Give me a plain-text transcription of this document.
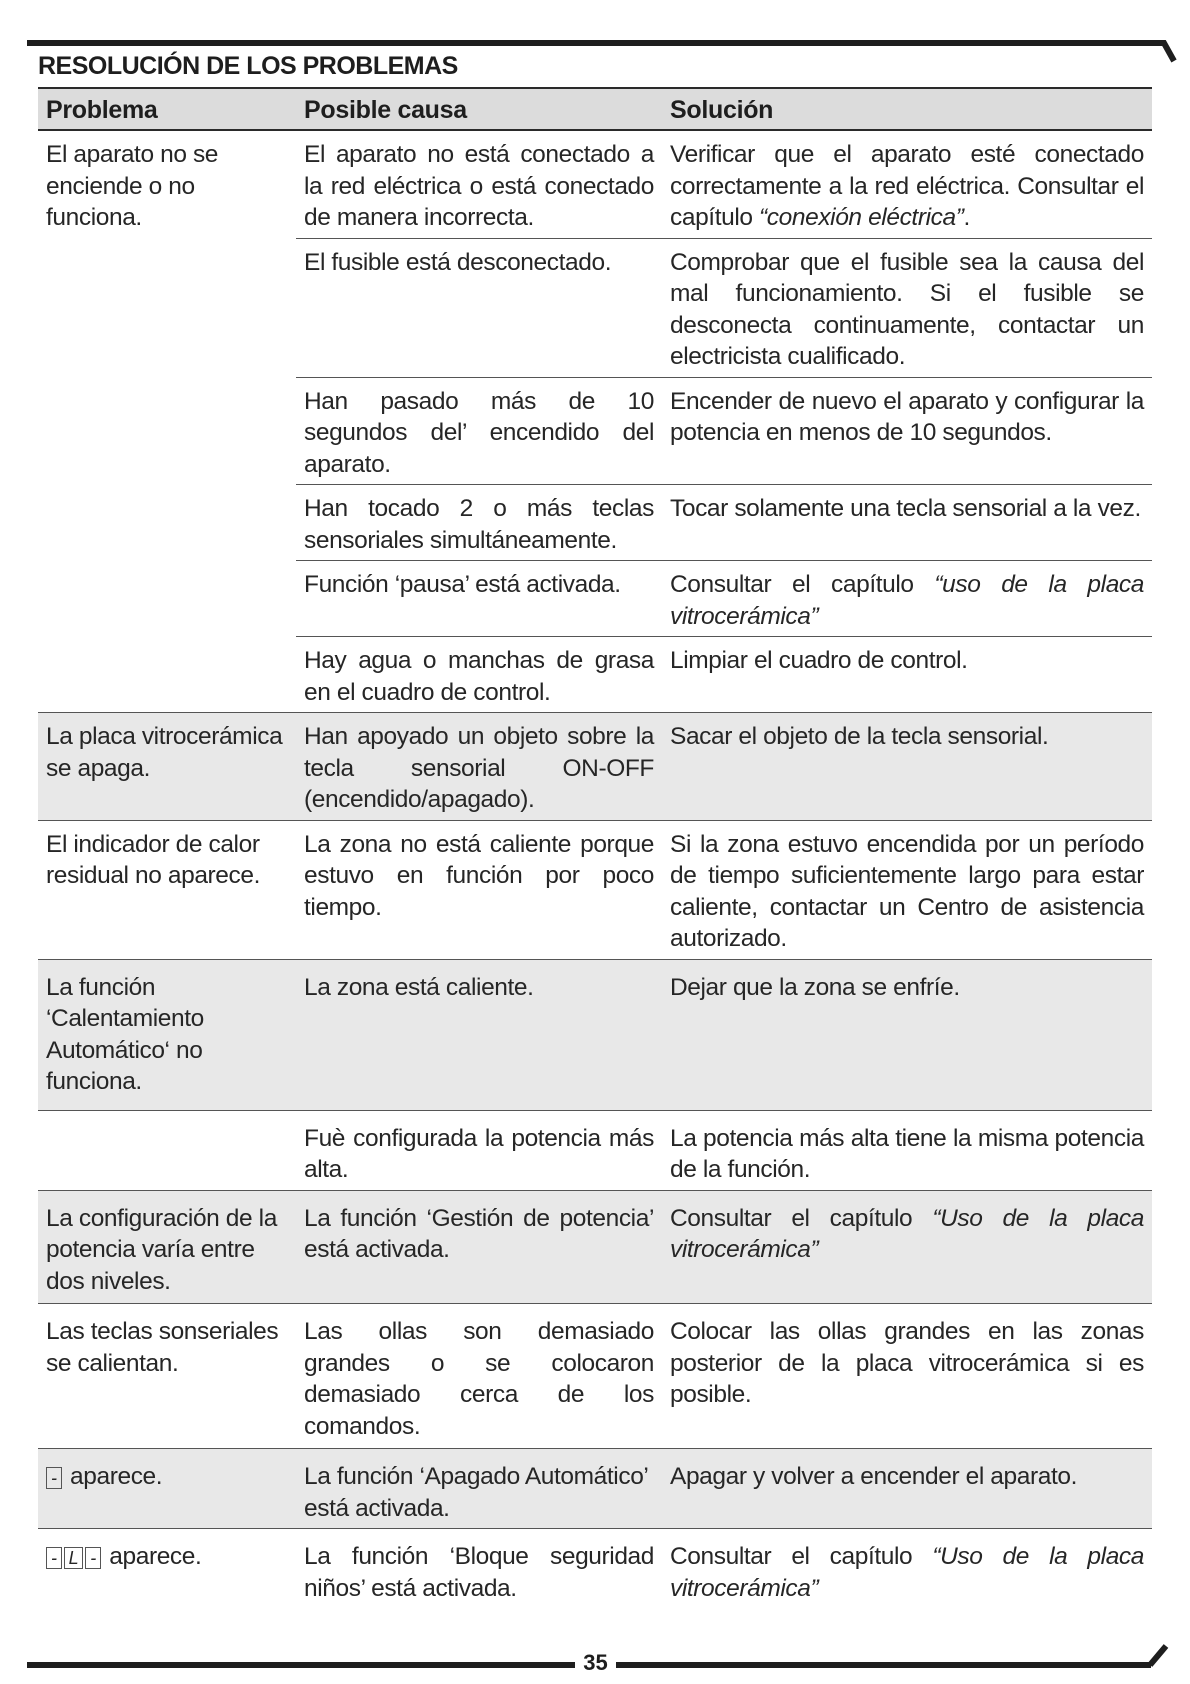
RESOLUCIÓN DE LOS PROBLEMAS
Problema	Posible causa	Solución
El aparato no se enciende o no funciona.	El aparato no está conectado a la red eléctrica o está conectado de manera incorrecta.	Verificar que el aparato esté conectado correctamente a la red eléctrica. Consultar el capítulo “conexión eléctrica”.
	El fusible está desconectado.	Comprobar que el fusible sea la causa del mal funcionamiento. Si el fusible se desconecta continuamente, contactar un electricista cualificado.
	Han pasado más de 10 segundos del’ encendido del aparato.	Encender de nuevo el aparato y configurar la potencia en menos de 10 segundos.
	Han tocado 2 o más teclas sensoriales simultáneamente.	Tocar solamente una tecla sensorial a la vez.
	Función ‘pausa’ está activada.	Consultar el capítulo “uso de la placa vitrocerámica”
	Hay agua o manchas de grasa en el cuadro de control.	Limpiar el cuadro de control.
La placa vitrocerámica se apaga.	Han apoyado un objeto sobre la tecla sensorial ON-OFF (encendido/apagado).	Sacar el objeto de la tecla sensorial.
El indicador de calor residual no aparece.	La zona no está caliente porque estuvo en función por poco tiempo.	Si la zona estuvo encendida por un período de tiempo suficientemente largo para estar caliente, contactar un Centro de asistencia autorizado.
La función ‘Calentamiento Automático‘ no funciona.	La zona está caliente.	Dejar que la zona se enfríe.
	Fuè configurada la potencia más alta.	La potencia más alta tiene la misma potencia de la función.
La configuración de la potencia varía entre dos niveles.	La función ‘Gestión de potencia’ está activada.	Consultar el capítulo “Uso de la placa vitrocerámica”
Las teclas sonseriales se calientan.	Las ollas son demasiado grandes o se colocaron demasiado cerca de los comandos.	Colocar las ollas grandes en las zonas posterior de la placa vitrocerámica si es posible.
- aparece.	La función ‘Apagado Automático’ está activada.	Apagar y volver a encender el aparato.
- L - aparece.	La función ‘Bloque seguridad niños’ está activada.	Consultar el capítulo “Uso de la placa vitrocerámica”
35
